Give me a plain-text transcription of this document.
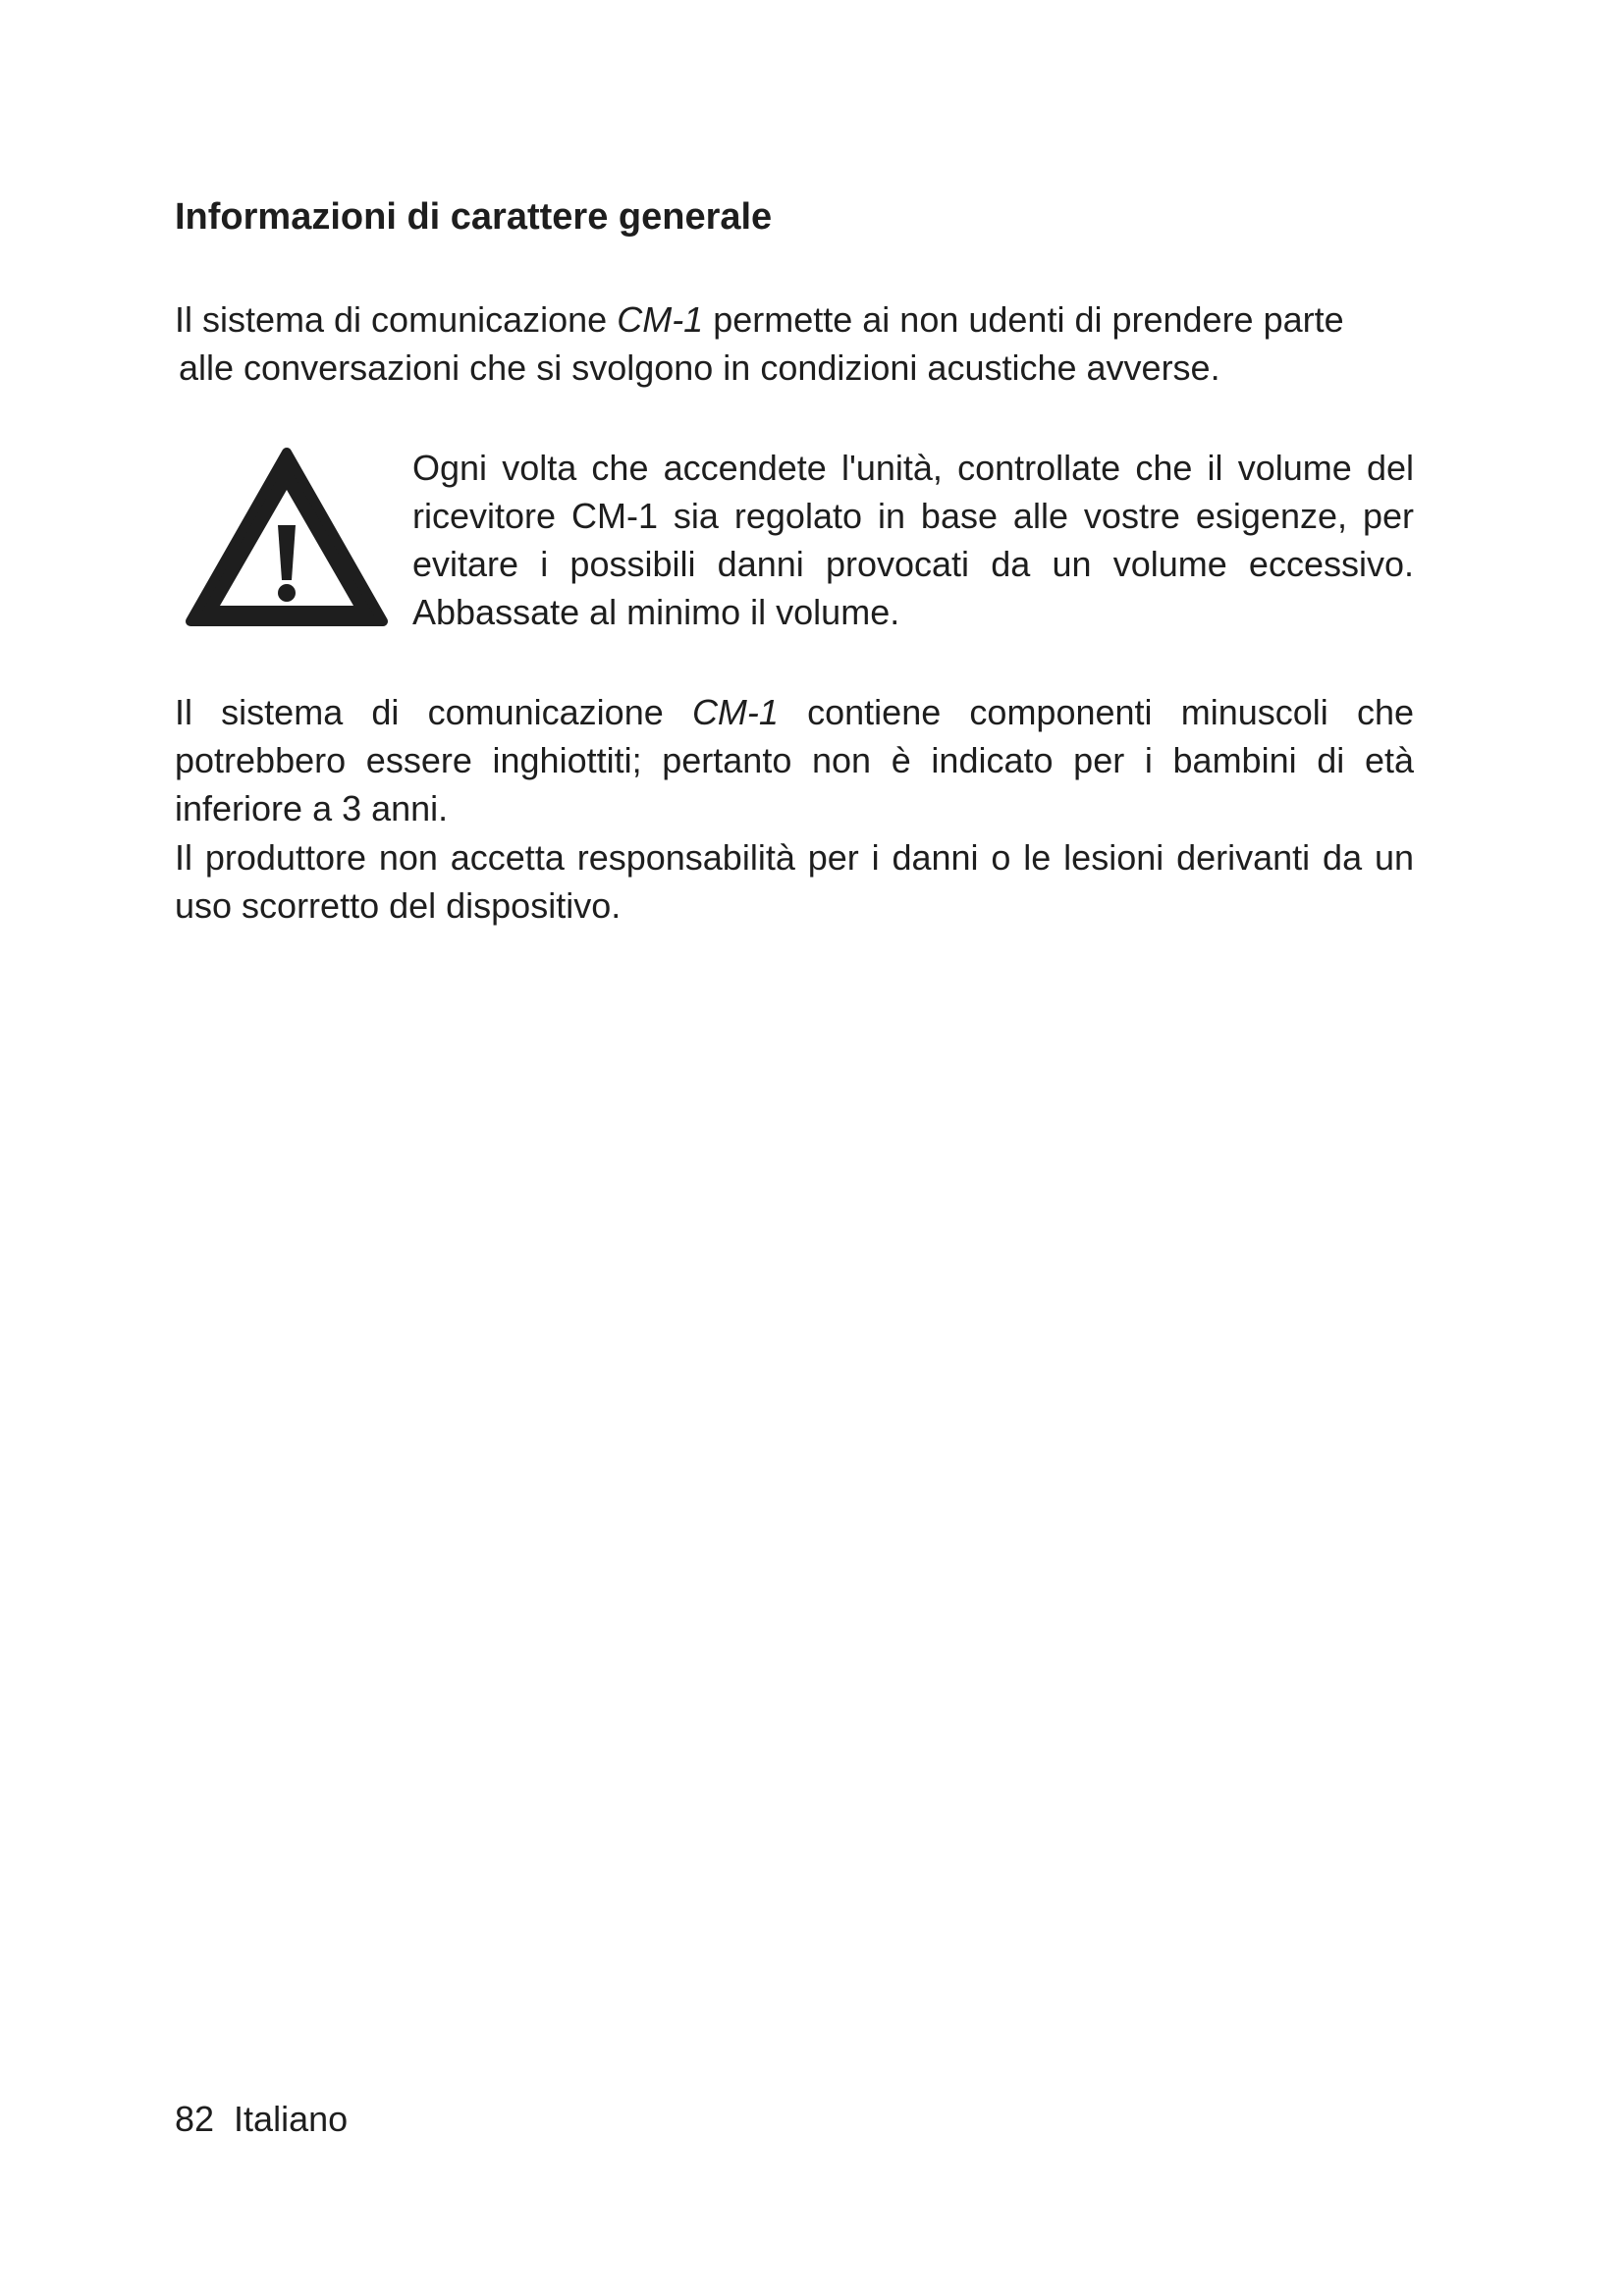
Informazioni di carattere generale

Il sistema di comunicazione CM-1 permette ai non udenti di prendere parte
alle conversazioni che si svolgono in condizioni acustiche avverse.

Ogni volta che accendete l'unità, controllate che il volume del ricevitore CM-1 sia regolato in base alle vostre esigenze, per evitare i possibili danni provocati da un volume eccessivo. Abbassate al minimo il volume.

Il sistema di comunicazione CM-1 contiene componenti minuscoli che potrebbero essere inghiottiti; pertanto non è indicato per i bambini di età inferiore a 3 anni.

Il produttore non accetta responsabilità per i danni o le lesioni derivanti da un uso scorretto del dispositivo.

82 Italiano
